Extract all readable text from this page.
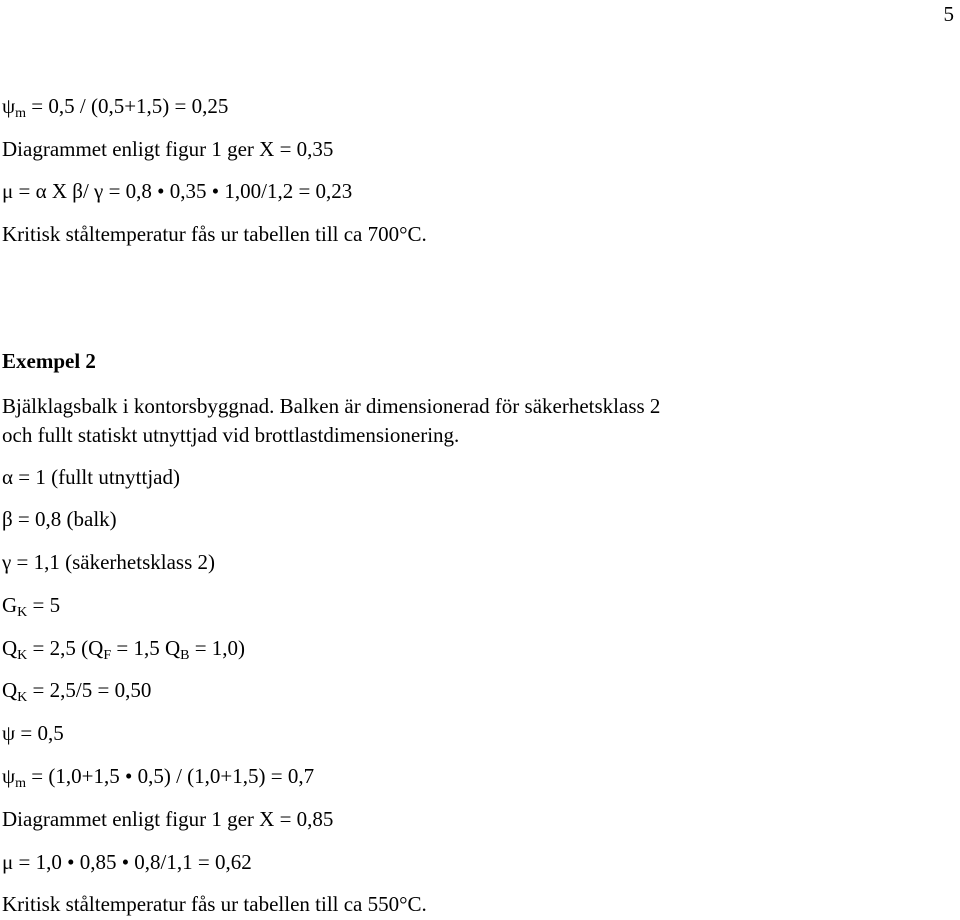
5
$\psi_m = 0,5 / (0,5+1,5) = 0,25$
Diagrammet enligt figur 1 ger X = 0,35
μ = α X β/ γ = 0,8 • 0,35 • 1,00/1,2 = 0,23
Kritisk ståltemperatur fås ur tabellen till ca 700°C.
Exempel 2
Bjälklagsbalk i kontorsbyggnad. Balken är dimensionerad för säkerhetsklass 2
och fullt statiskt utnyttjad vid brottlastdimensionering.
α = 1 (fullt utnyttjad)
β = 0,8 (balk)
γ = 1,1 (säkerhetsklass 2)
$G_K = 5$
$Q_K = 2,5$ ($Q_F = 1,5$ $Q_B = 1,0$)
$Q_K = 2,5/5 = 0,50$
ψ = 0,5
$\psi_m = (1,0+1,5$ • 0,5) / (1,0+1,5) = 0,7
Diagrammet enligt figur 1 ger X = 0,85
μ = 1,0 • 0,85 • 0,8/1,1 = 0,62
Kritisk ståltemperatur fås ur tabellen till ca 550°C.
